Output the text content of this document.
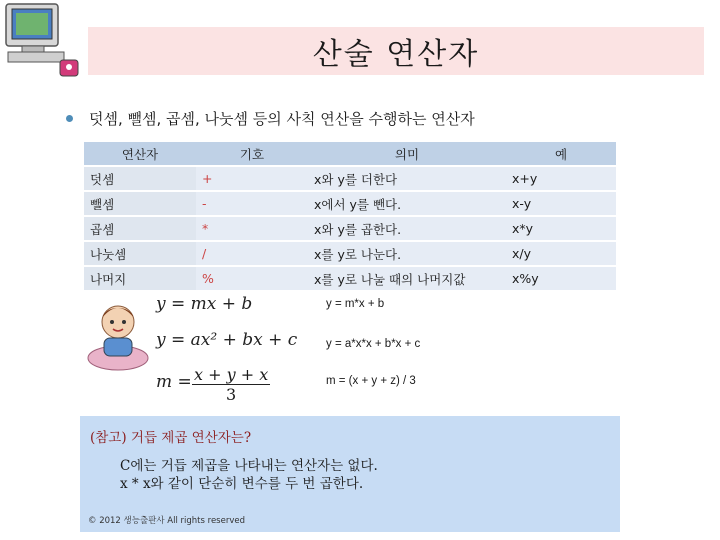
산술 연산자
덧셈, 뺄셈, 곱셈, 나눗셈 등의 사칙 연산을 수행하는 연산자
연산자	기호	의미	예
덧셈	+	x와 y를 더한다	x+y
뺄셈	-	x에서 y를 뺀다.	x-y
곱셈	*	x와 y를 곱한다.	x*y
나눗셈	/	x를 y로 나눈다.	x/y
나머지	%	x를 y로 나눌 때의 나머지값	x%y
y = mx + b
y = ax² + bx + c
$m = \frac{x + y + x}{3}$
y = m*x + b
y = a*x*x + b*x + c
m = (x + y + z) / 3
(참고) 거듭 제곱 연산자는?
C에는 거듭 제곱을 나타내는 연산자는 없다.
x * x와 같이 단순히 변수를 두 번 곱한다.
© 2012 생능출판사 All rights reserved
